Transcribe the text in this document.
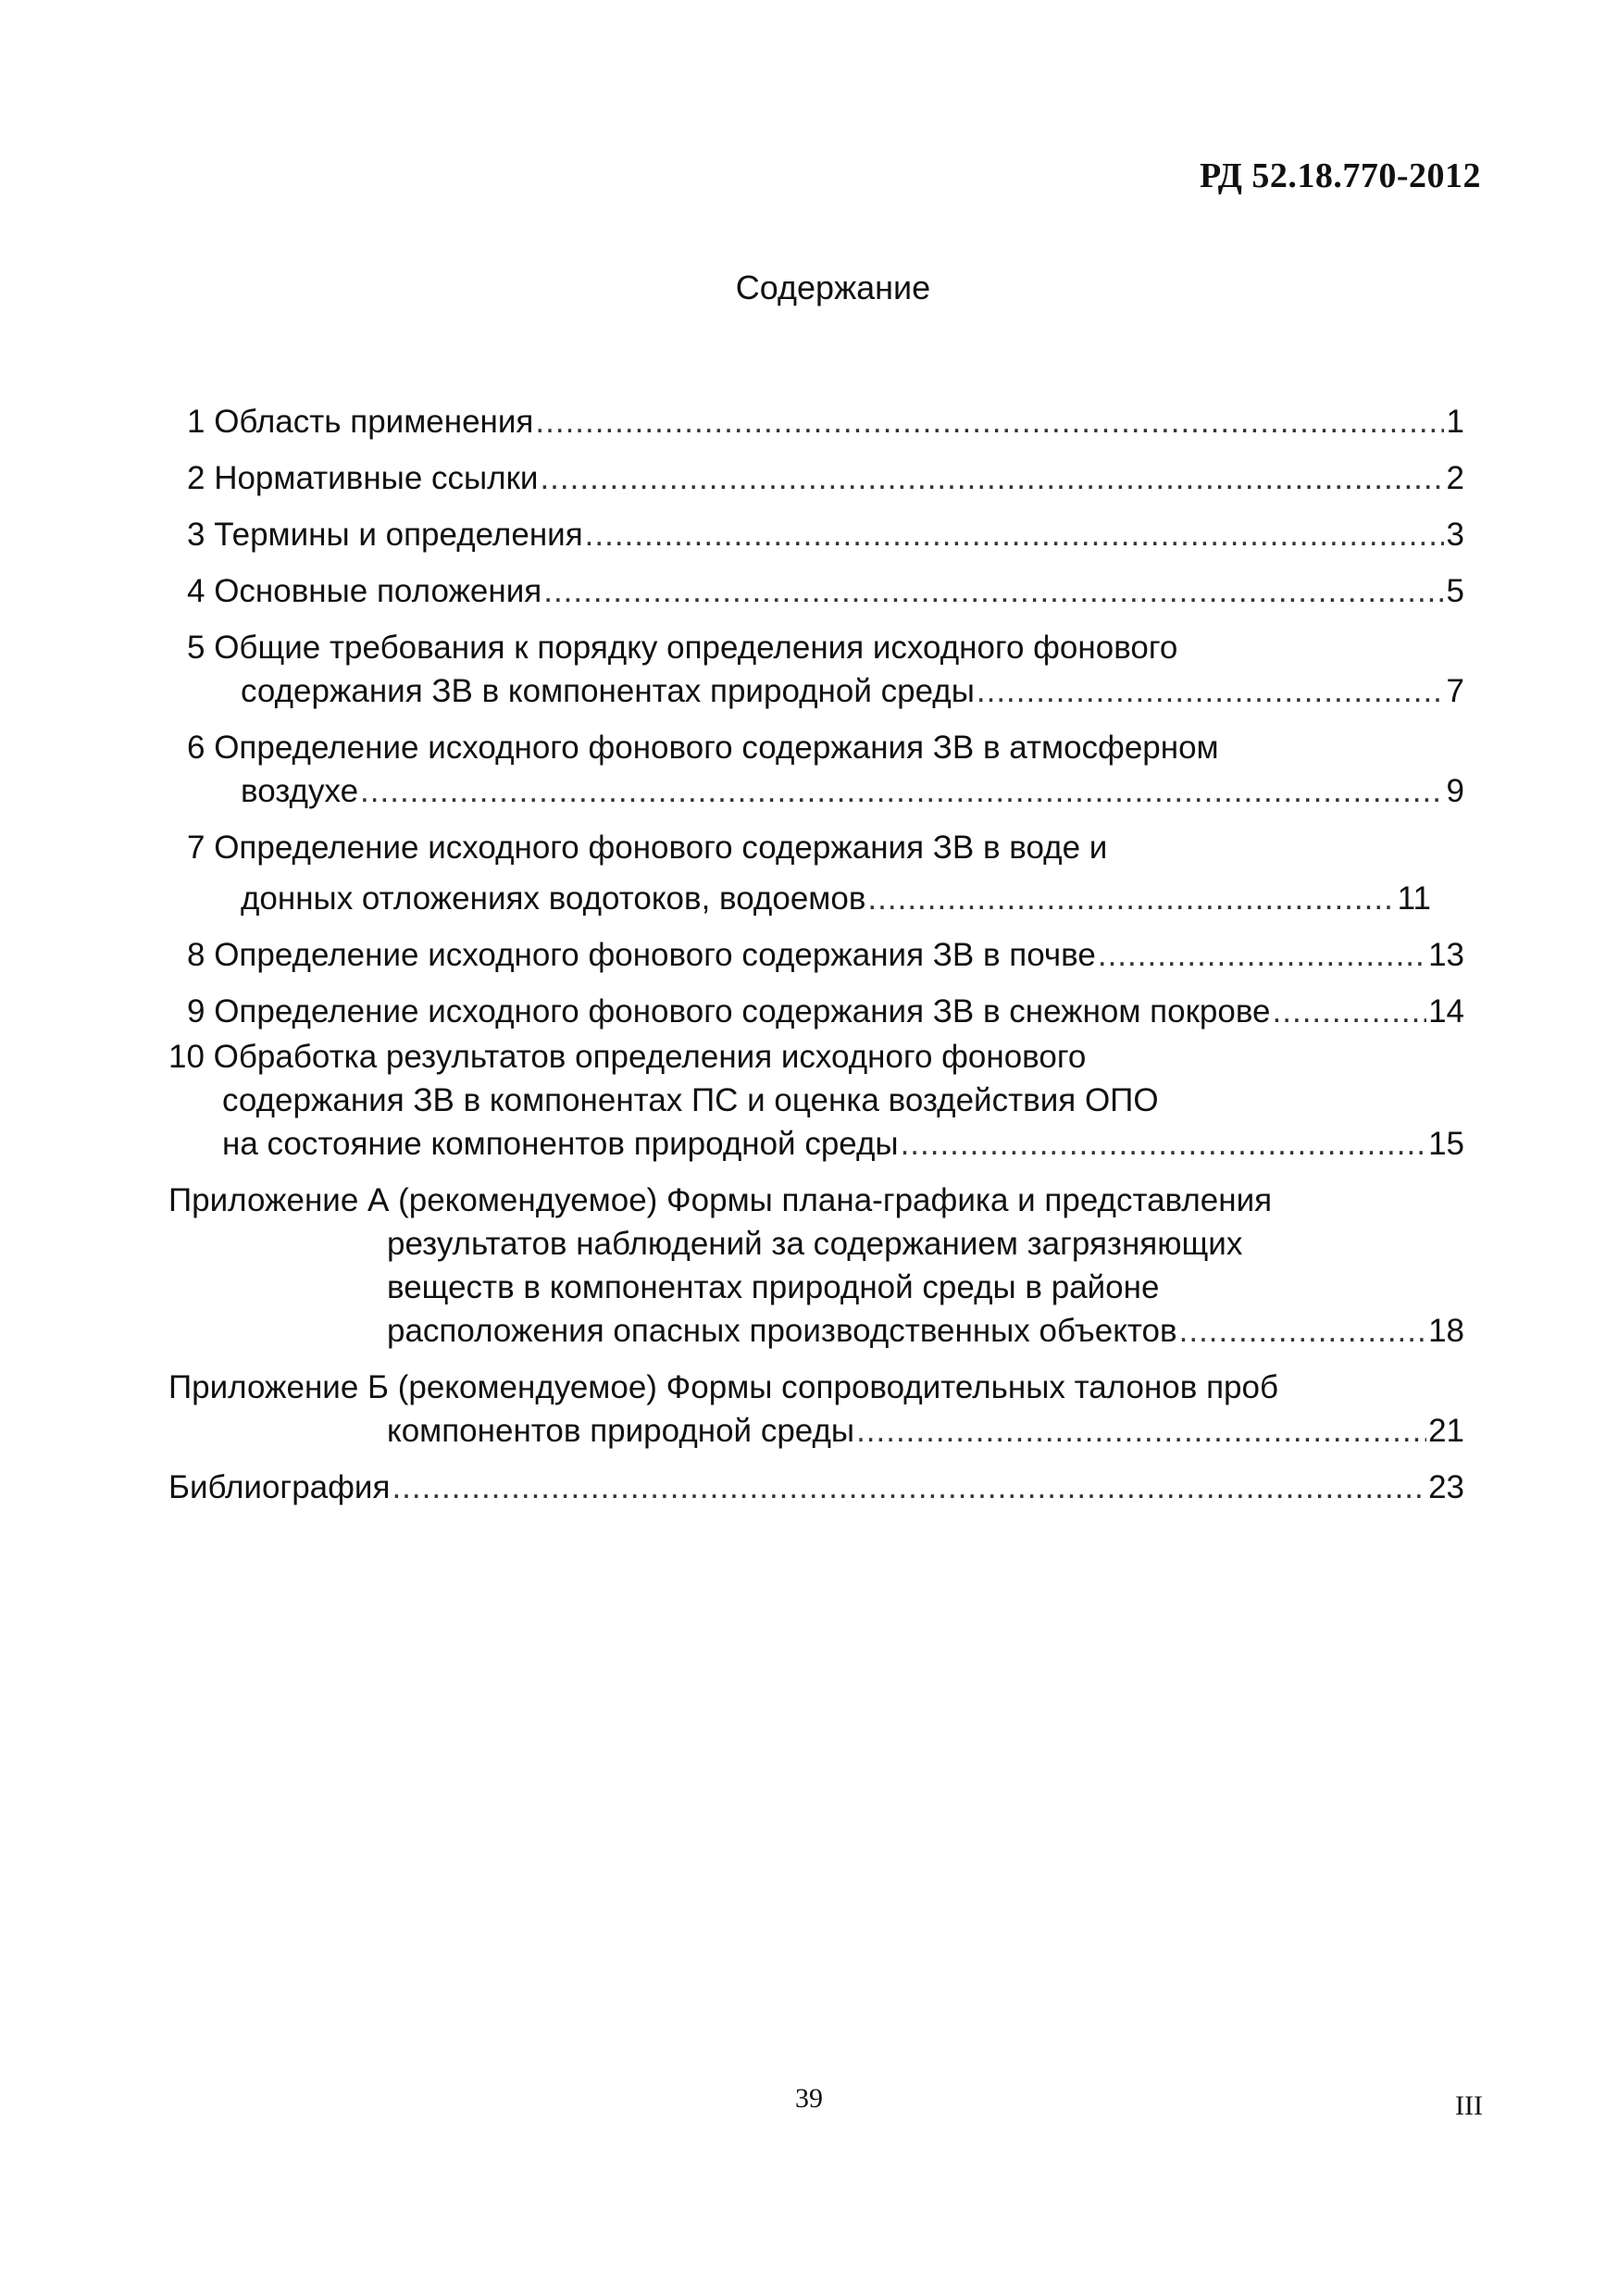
РД 52.18.770-2012
Содержание
1 Область применения .....	1
2 Нормативные ссылки .....	2
3 Термины и определения .....	3
4 Основные положения .....	5
5 Общие требования к порядку определения исходного фонового
содержания ЗВ в компонентах природной среды .....	7
6 Определение исходного фонового содержания ЗВ в атмосферном
воздухе .....	9
7 Определение исходного фонового содержания ЗВ в воде и
донных отложениях водотоков, водоемов .....	11
8 Определение исходного фонового содержания ЗВ в почве .....	13
9 Определение исходного фонового содержания ЗВ в снежном покрове .....	14
10 Обработка результатов определения исходного фонового
содержания ЗВ в компонентах ПС и оценка воздействия ОПО
на состояние компонентов природной среды .....	15
Приложение А (рекомендуемое) Формы плана-графика и представления
результатов наблюдений за содержанием загрязняющих
веществ в компонентах природной среды в районе
расположения опасных производственных объектов .....	18
Приложение Б (рекомендуемое) Формы сопроводительных талонов проб
компонентов природной среды .....	21
Библиография .....	23
39	III
